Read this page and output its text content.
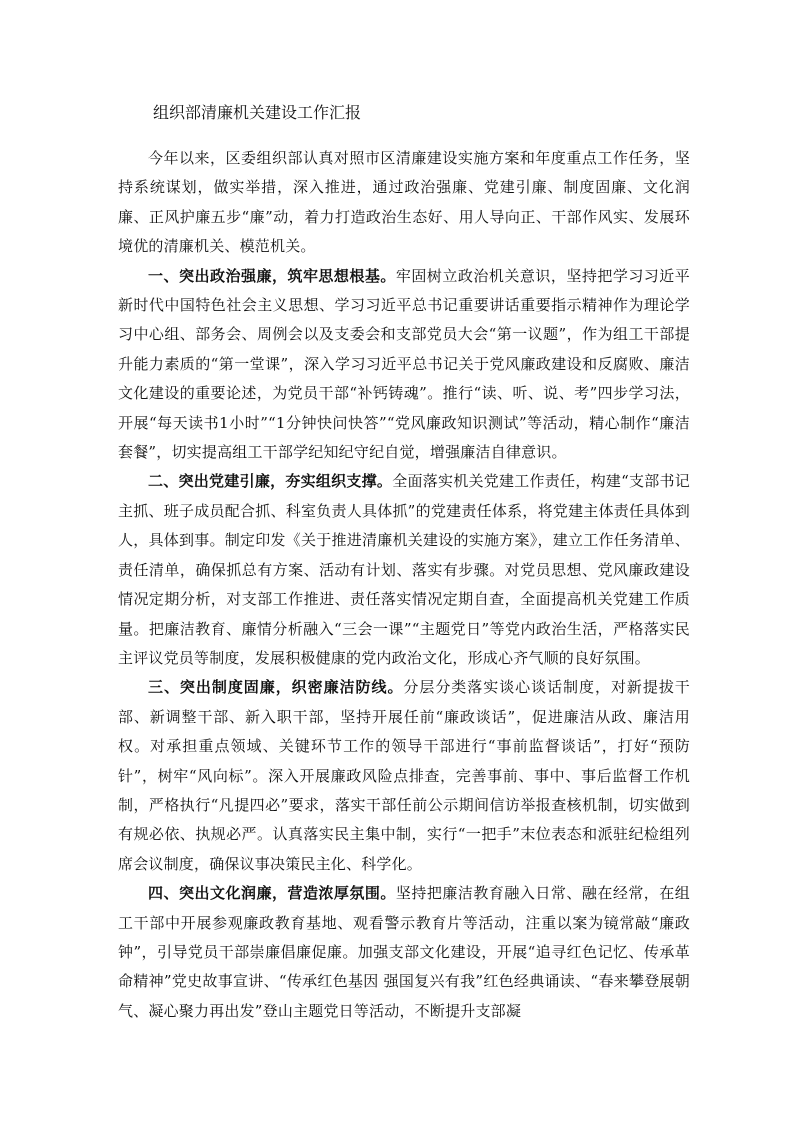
组织部清廉机关建设工作汇报

今年以来，区委组织部认真对照市区清廉建设实施方案和年度重点工作任务，坚持系统谋划，做实举措，深入推进，通过政治强廉、党建引廉、制度固廉、文化润廉、正风护廉五步“廉”动，着力打造政治生态好、用人导向正、干部作风实、发展环境优的清廉机关、模范机关。

一、突出政治强廉，筑牢思想根基。牢固树立政治机关意识，坚持把学习习近平新时代中国特色社会主义思想、学习习近平总书记重要讲话重要指示精神作为理论学习中心组、部务会、周例会以及支委会和支部党员大会“第一议题”，作为组工干部提升能力素质的“第一堂课”，深入学习习近平总书记关于党风廉政建设和反腐败、廉洁文化建设的重要论述，为党员干部“补钙铸魂”。推行“读、听、说、考”四步学习法，开展“每天读书1小时”“1分钟快问快答”“党风廉政知识测试”等活动，精心制作“廉洁套餐”，切实提高组工干部学纪知纪守纪自觉，增强廉洁自律意识。

二、突出党建引廉，夯实组织支撑。全面落实机关党建工作责任，构建“支部书记主抓、班子成员配合抓、科室负责人具体抓”的党建责任体系，将党建主体责任具体到人，具体到事。制定印发《关于推进清廉机关建设的实施方案》，建立工作任务清单、责任清单，确保抓总有方案、活动有计划、落实有步骤。对党员思想、党风廉政建设情况定期分析，对支部工作推进、责任落实情况定期自查，全面提高机关党建工作质量。把廉洁教育、廉情分析融入“三会一课”“主题党日”等党内政治生活，严格落实民主评议党员等制度，发展积极健康的党内政治文化，形成心齐气顺的良好氛围。

三、突出制度固廉，织密廉洁防线。分层分类落实谈心谈话制度，对新提拔干部、新调整干部、新入职干部，坚持开展任前“廉政谈话”，促进廉洁从政、廉洁用权。对承担重点领域、关键环节工作的领导干部进行“事前监督谈话”，打好“预防针”，树牢“风向标”。深入开展廉政风险点排查，完善事前、事中、事后监督工作机制，严格执行“凡提四必”要求，落实干部任前公示期间信访举报查核机制，切实做到有规必依、执规必严。认真落实民主集中制，实行“一把手”末位表态和派驻纪检组列席会议制度，确保议事决策民主化、科学化。

四、突出文化润廉，营造浓厚氛围。坚持把廉洁教育融入日常、融在经常，在组工干部中开展参观廉政教育基地、观看警示教育片等活动，注重以案为镜常敲“廉政钟”，引导党员干部崇廉倡廉促廉。加强支部文化建设，开展“追寻红色记忆、传承革命精神”党史故事宣讲、“传承红色基因 强国复兴有我”红色经典诵读、“春来攀登展朝气、凝心聚力再出发”登山主题党日等活动，不断提升支部凝
